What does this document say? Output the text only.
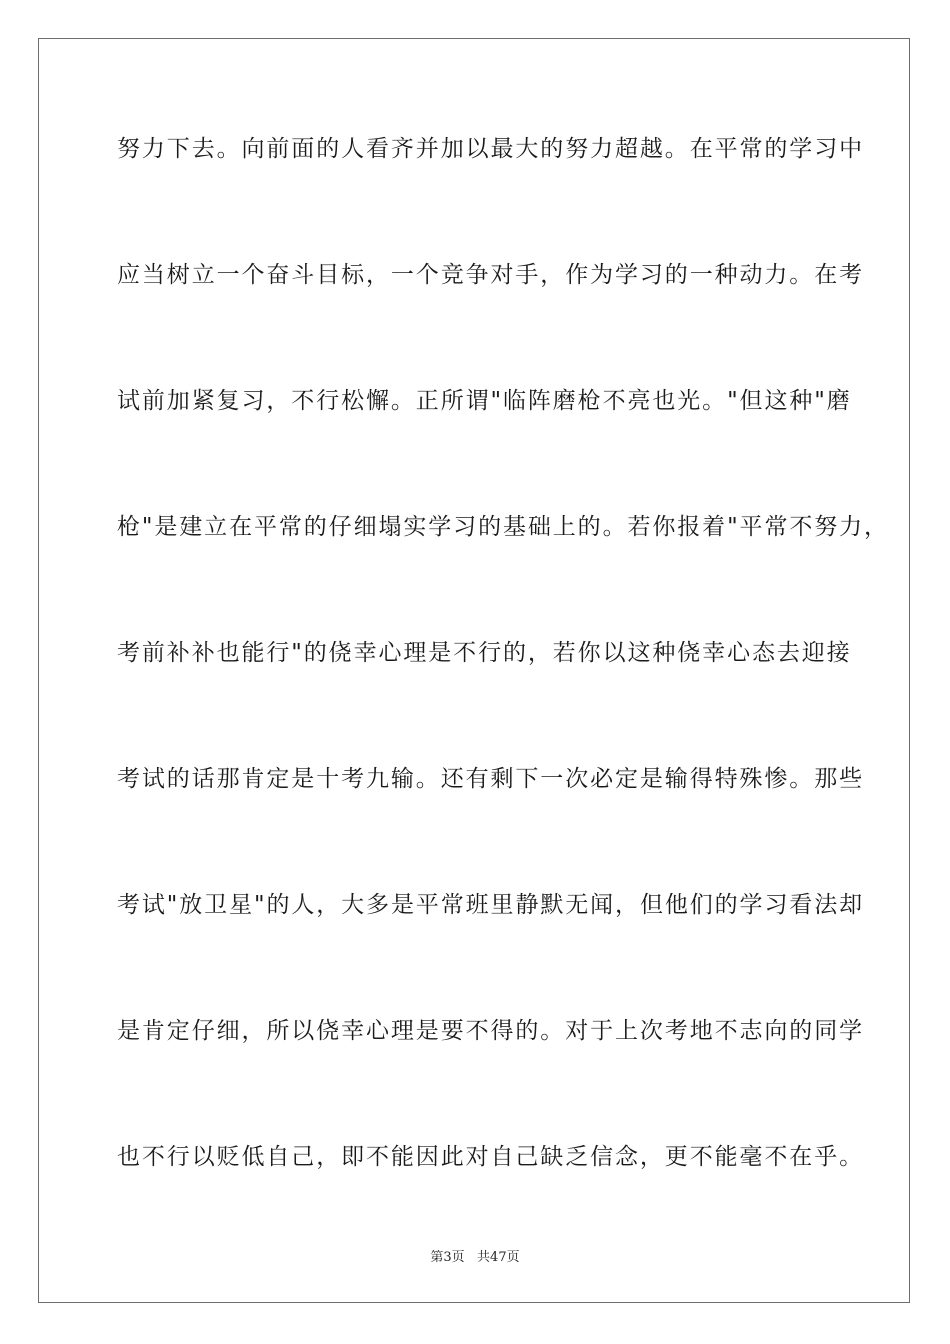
努力下去。向前面的人看齐并加以最大的努力超越。在平常的学习中
应当树立一个奋斗目标，一个竞争对手，作为学习的一种动力。在考
试前加紧复习，不行松懈。正所谓"临阵磨枪不亮也光。"但这种"磨
枪"是建立在平常的仔细塌实学习的基础上的。若你报着"平常不努力，
考前补补也能行"的侥幸心理是不行的，若你以这种侥幸心态去迎接
考试的话那肯定是十考九输。还有剩下一次必定是输得特殊惨。那些
考试"放卫星"的人，大多是平常班里静默无闻，但他们的学习看法却
是肯定仔细，所以侥幸心理是要不得的。对于上次考地不志向的同学
也不行以贬低自己，即不能因此对自己缺乏信念，更不能毫不在乎。
第3页   共47页
